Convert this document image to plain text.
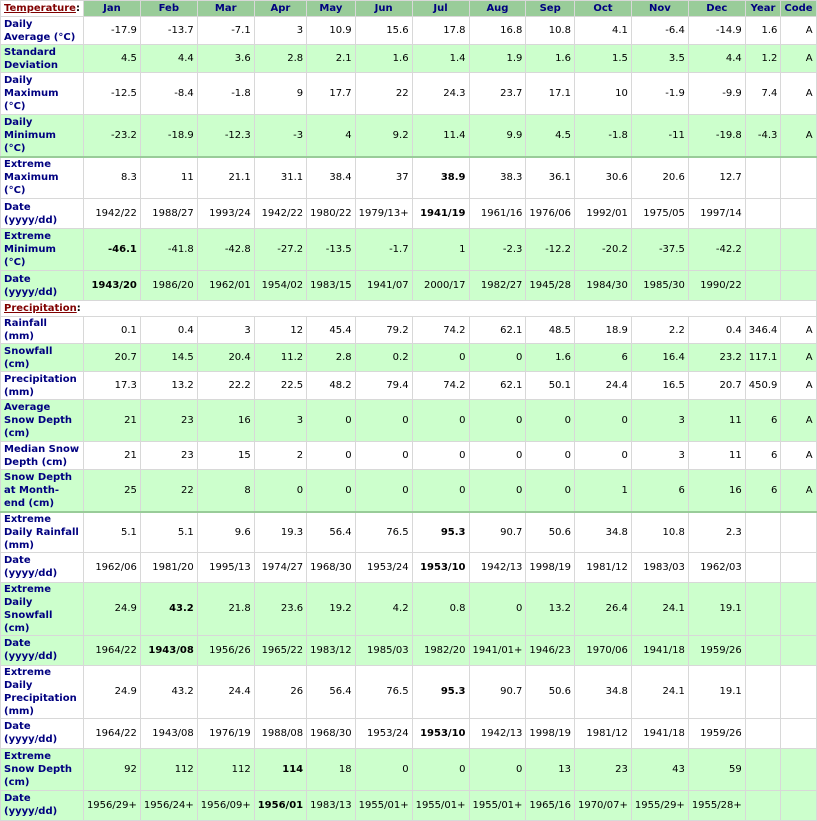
Temperature:	Jan	Feb	Mar	Apr	May	Jun	Jul	Aug	Sep	Oct	Nov	Dec	Year	Code
Daily Average (°C)	-17.9	-13.7	-7.1	3	10.9	15.6	17.8	16.8	10.8	4.1	-6.4	-14.9	1.6	A
Standard Deviation	4.5	4.4	3.6	2.8	2.1	1.6	1.4	1.9	1.6	1.5	3.5	4.4	1.2	A
Daily Maximum (°C)	-12.5	-8.4	-1.8	9	17.7	22	24.3	23.7	17.1	10	-1.9	-9.9	7.4	A
Daily Minimum (°C)	-23.2	-18.9	-12.3	-3	4	9.2	11.4	9.9	4.5	-1.8	-11	-19.8	-4.3	A
Extreme Maximum (°C)	8.3	11	21.1	31.1	38.4	37	38.9	38.3	36.1	30.6	20.6	12.7		
Date (yyyy/dd)	1942/22	1988/27	1993/24	1942/22	1980/22	1979/13+	1941/19	1961/16	1976/06	1992/01	1975/05	1997/14		
Extreme Minimum (°C)	-46.1	-41.8	-42.8	-27.2	-13.5	-1.7	1	-2.3	-12.2	-20.2	-37.5	-42.2		
Date (yyyy/dd)	1943/20	1986/20	1962/01	1954/02	1983/15	1941/07	2000/17	1982/27	1945/28	1984/30	1985/30	1990/22		
Precipitation:														
Rainfall (mm)	0.1	0.4	3	12	45.4	79.2	74.2	62.1	48.5	18.9	2.2	0.4	346.4	A
Snowfall (cm)	20.7	14.5	20.4	11.2	2.8	0.2	0	0	1.6	6	16.4	23.2	117.1	A
Precipitation (mm)	17.3	13.2	22.2	22.5	48.2	79.4	74.2	62.1	50.1	24.4	16.5	20.7	450.9	A
Average Snow Depth (cm)	21	23	16	3	0	0	0	0	0	0	3	11	6	A
Median Snow Depth (cm)	21	23	15	2	0	0	0	0	0	0	3	11	6	A
Snow Depth at Month-end (cm)	25	22	8	0	0	0	0	0	0	1	6	16	6	A
Extreme Daily Rainfall (mm)	5.1	5.1	9.6	19.3	56.4	76.5	95.3	90.7	50.6	34.8	10.8	2.3		
Date (yyyy/dd)	1962/06	1981/20	1995/13	1974/27	1968/30	1953/24	1953/10	1942/13	1998/19	1981/12	1983/03	1962/03		
Extreme Daily Snowfall (cm)	24.9	43.2	21.8	23.6	19.2	4.2	0.8	0	13.2	26.4	24.1	19.1		
Date (yyyy/dd)	1964/22	1943/08	1956/26	1965/22	1983/12	1985/03	1982/20	1941/01+	1946/23	1970/06	1941/18	1959/26		
Extreme Daily Precipitation (mm)	24.9	43.2	24.4	26	56.4	76.5	95.3	90.7	50.6	34.8	24.1	19.1		
Date (yyyy/dd)	1964/22	1943/08	1976/19	1988/08	1968/30	1953/24	1953/10	1942/13	1998/19	1981/12	1941/18	1959/26		
Extreme Snow Depth (cm)	92	112	112	114	18	0	0	0	13	23	43	59		
Date (yyyy/dd)	1956/29+	1956/24+	1956/09+	1956/01	1983/13	1955/01+	1955/01+	1955/01+	1965/16	1970/07+	1955/29+	1955/28+		
